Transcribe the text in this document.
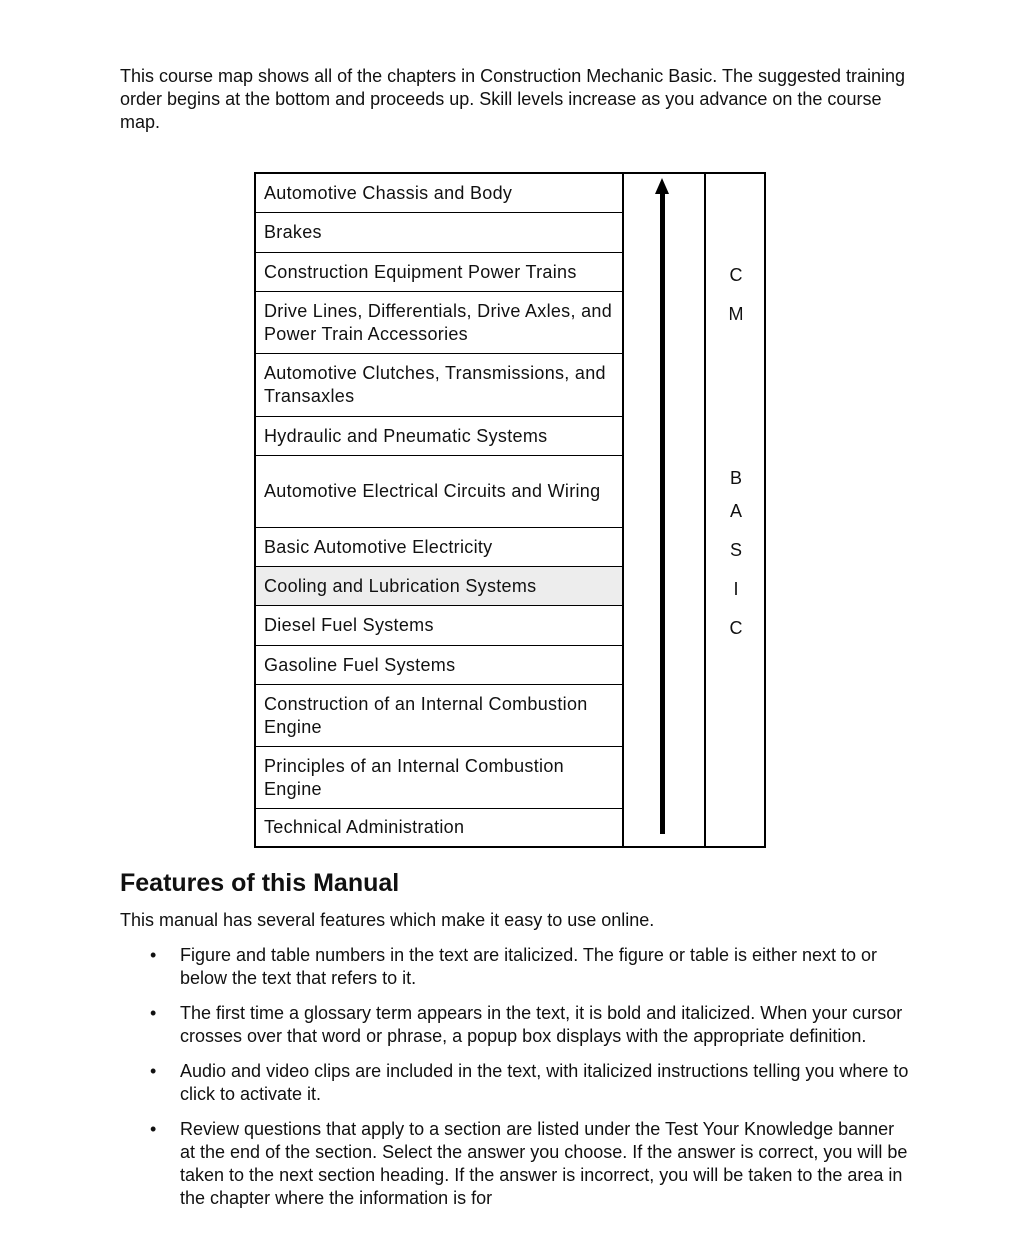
This course map shows all of the chapters in Construction Mechanic Basic. The suggested training order begins at the bottom and proceeds up. Skill levels increase as you advance on the course map.

Automotive Chassis and Body
Brakes
Construction Equipment Power Trains
Drive Lines, Differentials, Drive Axles, and Power Train Accessories
Automotive Clutches, Transmissions, and Transaxles
Hydraulic and Pneumatic Systems
Automotive Electrical Circuits and Wiring
Basic Automotive Electricity
Cooling and Lubrication Systems
Diesel Fuel Systems
Gasoline Fuel Systems
Construction of an Internal Combustion Engine
Principles of an Internal Combustion Engine
Technical Administration
C
M
B
A
S
I
C
Features of this Manual

This manual has several features which make it easy to use online.

• Figure and table numbers in the text are italicized. The figure or table is either next to or below the text that refers to it.
• The first time a glossary term appears in the text, it is bold and italicized. When your cursor crosses over that word or phrase, a popup box displays with the appropriate definition.
• Audio and video clips are included in the text, with italicized instructions telling you where to click to activate it.
• Review questions that apply to a section are listed under the Test Your Knowledge banner at the end of the section. Select the answer you choose. If the answer is correct, you will be taken to the next section heading. If the answer is incorrect, you will be taken to the area in the chapter where the information is for
